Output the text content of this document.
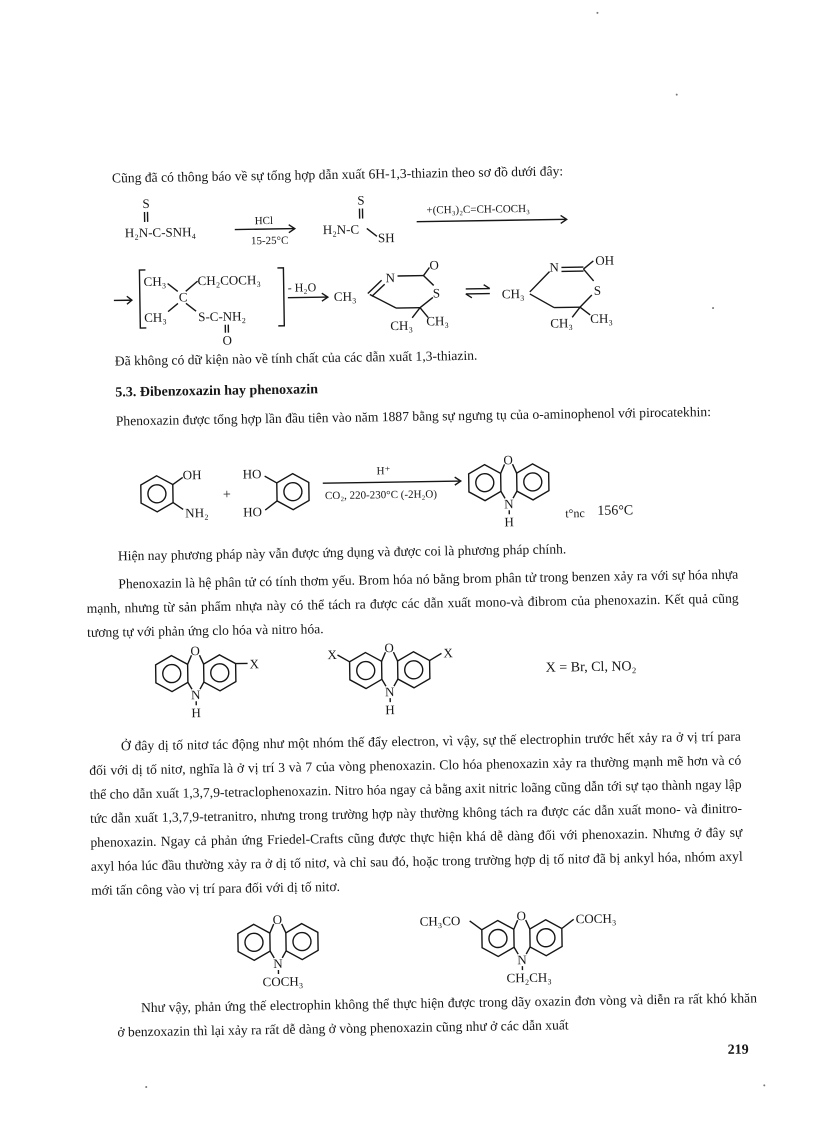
Cũng đã có thông báo về sự tổng hợp dẫn xuất 6H-1,3-thiazin theo sơ đồ dưới đây:

S
H₂N-C-SNH₄
HCl
15-25°C
S
H₂N-C
SH
+(CH₃)₂C=CH-COCH₃
CH₃
C
CH₂COCH₃
CH₃ S-C-NH₂
O
- H₂O
N
O
S
CH₃
CH₃ CH₃
CH₃
N	OH
S
CH₃ CH₃

Đã không có dữ kiện nào về tính chất của các dẫn xuất 1,3-thiazin.

5.3. Đibenzoxazin hay phenoxazin

Phenoxazin được tổng hợp lần đầu tiên vào năm 1887 bằng sự ngưng tụ của o-aminophenol với pirocatekhin:

OH
NH₂
+
HO
HO
H⁺
CO₂, 220-230°C (-2H₂O)
O
N
H
t°nc 156°C

Hiện nay phương pháp này vẫn được ứng dụng và được coi là phương pháp chính.

Phenoxazin là hệ phân tử có tính thơm yếu. Brom hóa nó bằng brom phân tử trong benzen xảy ra với sự hóa nhựa mạnh, nhưng từ sản phẩm nhựa này có thể tách ra được các dẫn xuất mono-và đibrom của phenoxazin. Kết quả cũng tương tự với phản ứng clo hóa và nitro hóa.

O
N
H
X
X	O
N
H
X
X = Br, Cl, NO₂

Ở đây dị tố nitơ tác động như một nhóm thế đẩy electron, vì vậy, sự thế electrophin trước hết xảy ra ở vị trí para đối với dị tố nitơ, nghĩa là ở vị trí 3 và 7 của vòng phenoxazin. Clo hóa phenoxazin xảy ra thường mạnh mẽ hơn và có thể cho dẫn xuất 1,3,7,9-tetraclophenoxazin. Nitro hóa ngay cả bằng axit nitric loãng cũng dẫn tới sự tạo thành ngay lập tức dẫn xuất 1,3,7,9-tetranitro, nhưng trong trường hợp này thường không tách ra được các dẫn xuất mono- và đinitro-phenoxazin. Ngay cả phản ứng Friedel-Crafts cũng được thực hiện khá dễ dàng đối với phenoxazin. Nhưng ở đây sự axyl hóa lúc đầu thường xảy ra ở dị tố nitơ, và chỉ sau đó, hoặc trong trường hợp dị tố nitơ đã bị ankyl hóa, nhóm axyl mới tấn công vào vị trí para đối với dị tố nitơ.

O
N
COCH₃
CH₃CO	O
N
CH₂CH₃
COCH₃

Như vậy, phản ứng thế electrophin không thể thực hiện được trong dãy oxazin đơn vòng và diễn ra rất khó khăn ở benzoxazin thì lại xảy ra rất dễ dàng ở vòng phenoxazin cũng như ở các dẫn xuất

219
